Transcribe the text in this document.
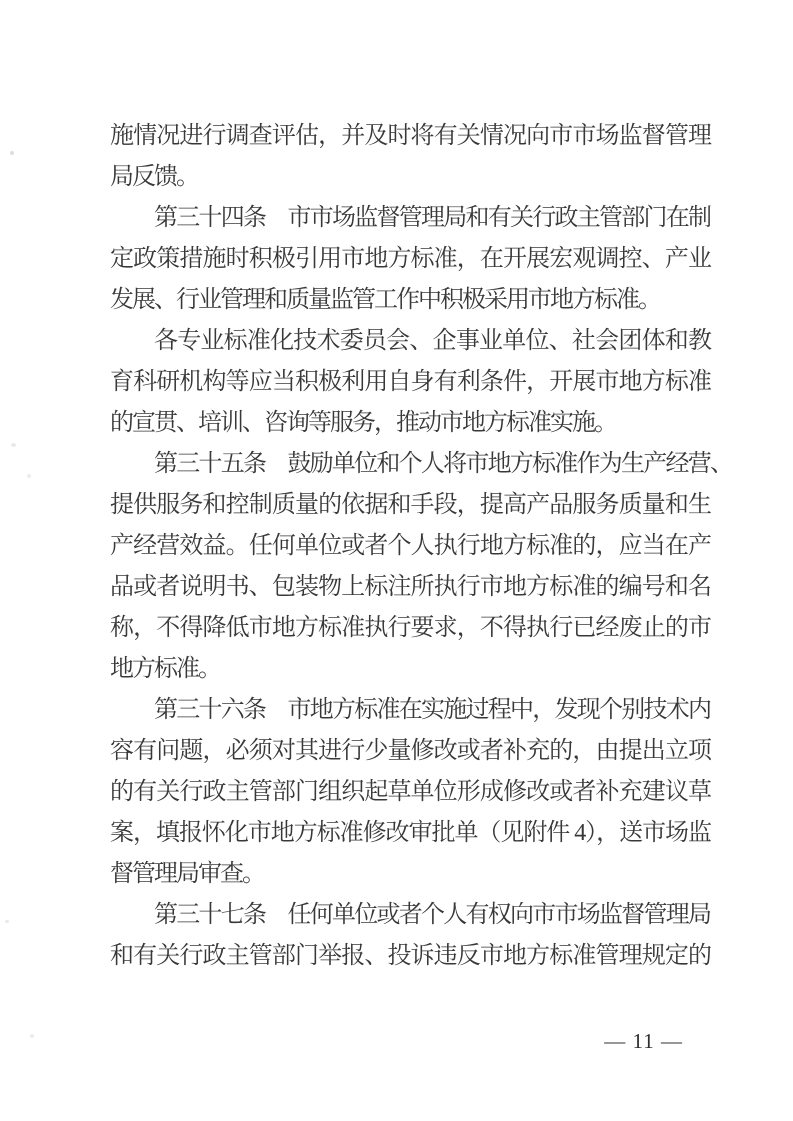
施情况进行调查评估，并及时将有关情况向市市场监督管理
局反馈。
第三十四条　市市场监督管理局和有关行政主管部门在制
定政策措施时积极引用市地方标准，在开展宏观调控、产业
发展、行业管理和质量监管工作中积极采用市地方标准。
各专业标准化技术委员会、企事业单位、社会团体和教
育科研机构等应当积极利用自身有利条件，开展市地方标准
的宣贯、培训、咨询等服务，推动市地方标准实施。
第三十五条　鼓励单位和个人将市地方标准作为生产经营、
提供服务和控制质量的依据和手段，提高产品服务质量和生
产经营效益。任何单位或者个人执行地方标准的，应当在产
品或者说明书、包装物上标注所执行市地方标准的编号和名
称，不得降低市地方标准执行要求，不得执行已经废止的市
地方标准。
第三十六条　市地方标准在实施过程中，发现个别技术内
容有问题，必须对其进行少量修改或者补充的，由提出立项
的有关行政主管部门组织起草单位形成修改或者补充建议草
案，填报怀化市地方标准修改审批单（见附件 4），送市场监
督管理局审查。
第三十七条　任何单位或者个人有权向市市场监督管理局
和有关行政主管部门举报、投诉违反市地方标准管理规定的
— 11 —
